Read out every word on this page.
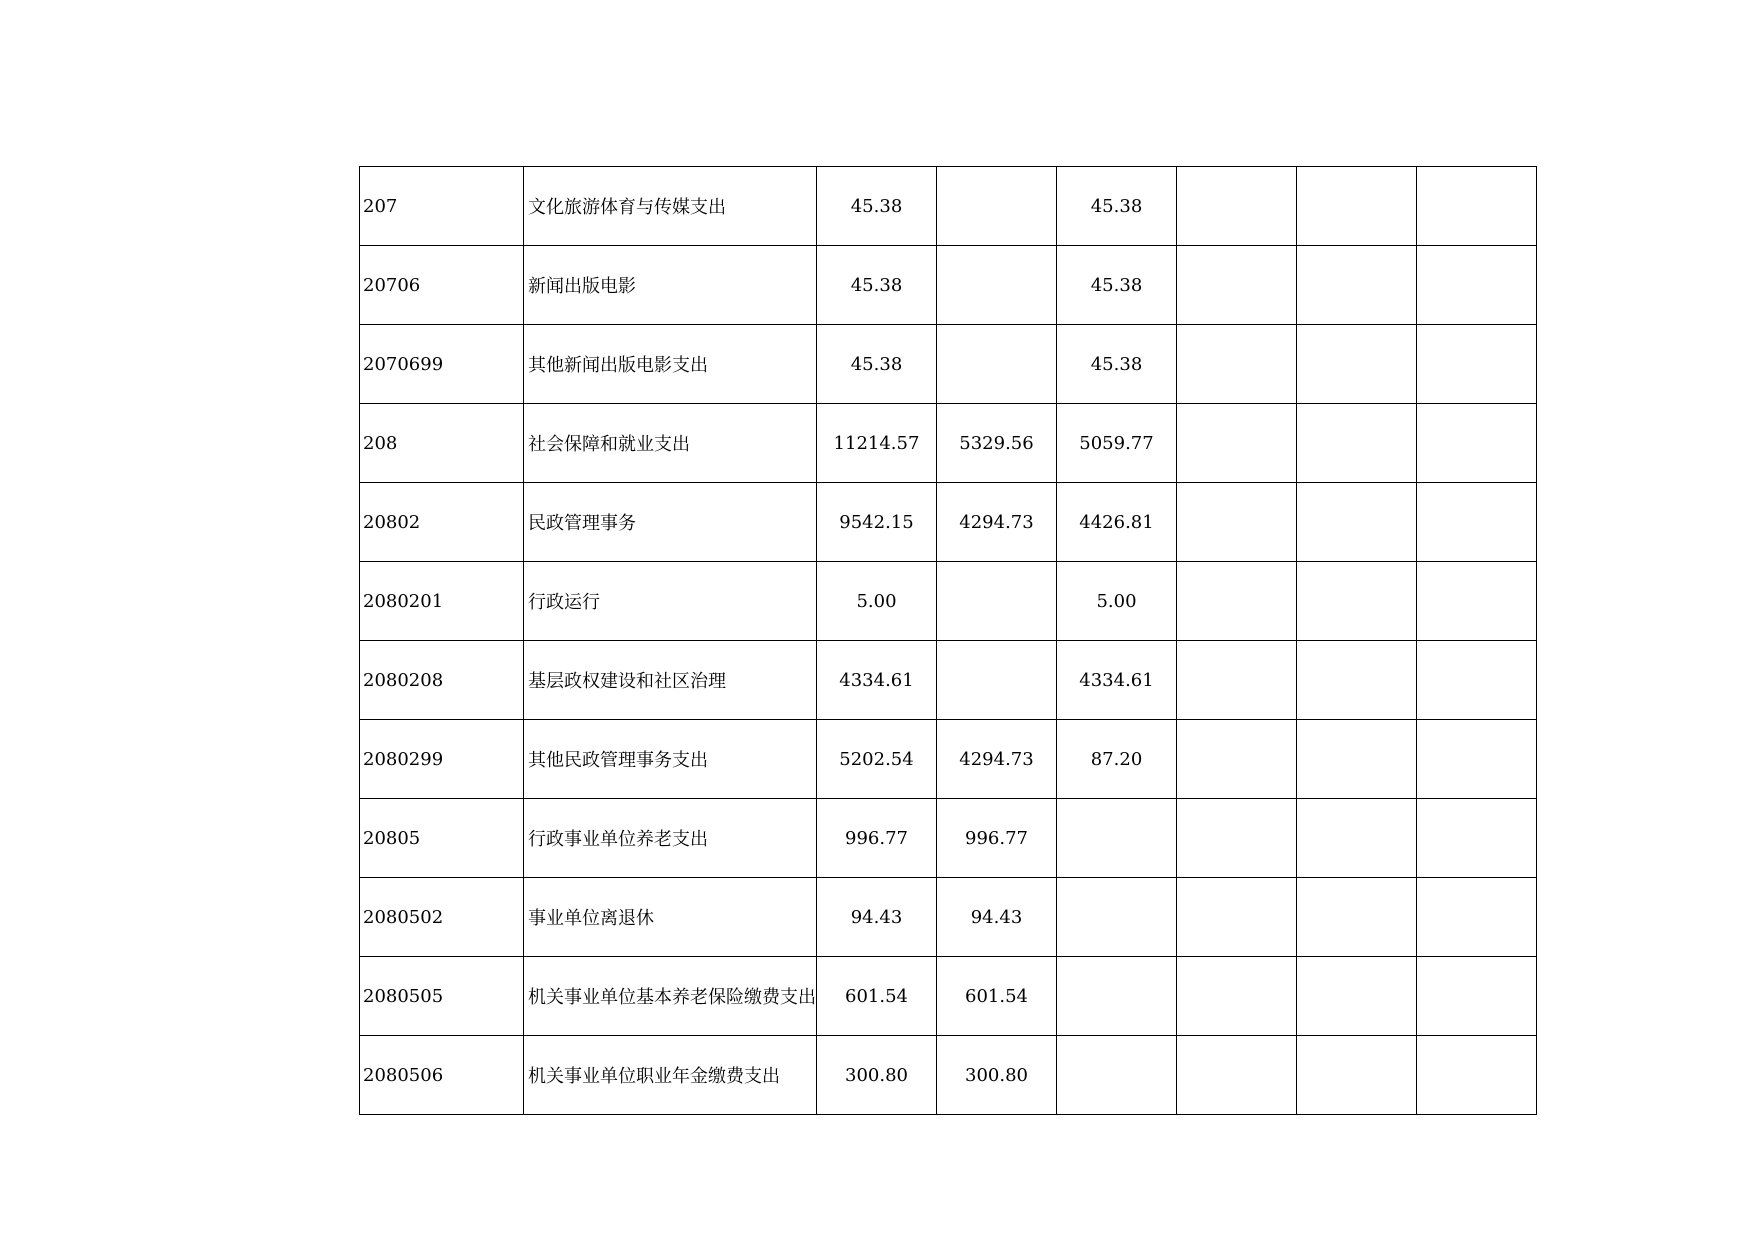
207	文化旅游体育与传媒支出	45.38		45.38			
20706	新闻出版电影	45.38		45.38			
2070699	其他新闻出版电影支出	45.38		45.38			
208	社会保障和就业支出	11214.57	5329.56	5059.77			
20802	民政管理事务	9542.15	4294.73	4426.81			
2080201	行政运行	5.00		5.00			
2080208	基层政权建设和社区治理	4334.61		4334.61			
2080299	其他民政管理事务支出	5202.54	4294.73	87.20			
20805	行政事业单位养老支出	996.77	996.77				
2080502	事业单位离退休	94.43	94.43				
2080505	机关事业单位基本养老保险缴费支出	601.54	601.54				
2080506	机关事业单位职业年金缴费支出	300.80	300.80				
